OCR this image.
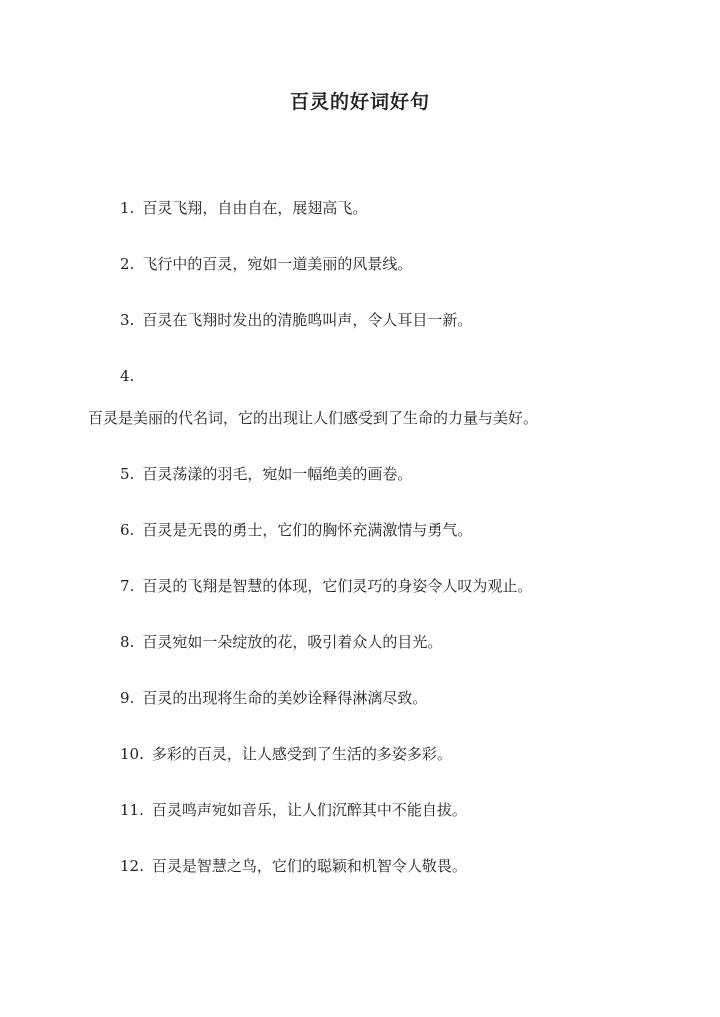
百灵的好词好句

1. 百灵飞翔，自由自在，展翅高飞。

2. 飞行中的百灵，宛如一道美丽的风景线。

3. 百灵在飞翔时发出的清脆鸣叫声，令人耳目一新。

4.

百灵是美丽的代名词，它的出现让人们感受到了生命的力量与美好。

5. 百灵荡漾的羽毛，宛如一幅绝美的画卷。

6. 百灵是无畏的勇士，它们的胸怀充满激情与勇气。

7. 百灵的飞翔是智慧的体现，它们灵巧的身姿令人叹为观止。

8. 百灵宛如一朵绽放的花，吸引着众人的目光。

9. 百灵的出现将生命的美妙诠释得淋漓尽致。

10. 多彩的百灵，让人感受到了生活的多姿多彩。

11. 百灵鸣声宛如音乐，让人们沉醉其中不能自拔。

12. 百灵是智慧之鸟，它们的聪颖和机智令人敬畏。
